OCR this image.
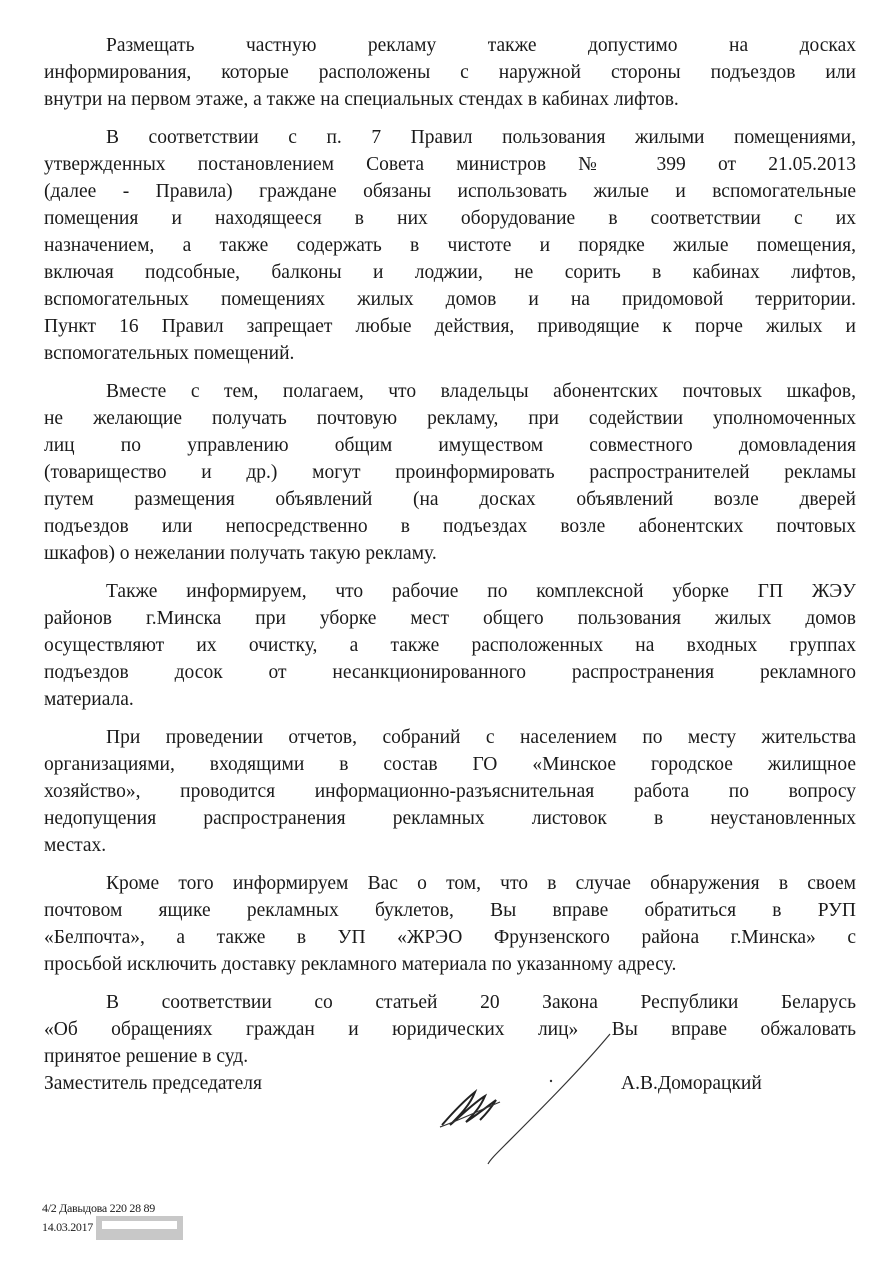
Размещать частную рекламу также допустимо на досках
информирования, которые расположены с наружной стороны подъездов или
внутри на первом этаже, а также на специальных стендах в кабинах лифтов.
В соответствии с п. 7 Правил пользования жилыми помещениями,
утвержденных постановлением Совета министров № 399 от 21.05.2013
(далее - Правила) граждане обязаны использовать жилые и вспомогательные
помещения и находящееся в них оборудование в соответствии с их
назначением, а также содержать в чистоте и порядке жилые помещения,
включая подсобные, балконы и лоджии, не сорить в кабинах лифтов,
вспомогательных помещениях жилых домов и на придомовой территории.
Пункт 16 Правил запрещает любые действия, приводящие к порче жилых и
вспомогательных помещений.
Вместе с тем, полагаем, что владельцы абонентских почтовых шкафов,
не желающие получать почтовую рекламу, при содействии уполномоченных
лиц по управлению общим имуществом совместного домовладения
(товарищество и др.) могут проинформировать распространителей рекламы
путем размещения объявлений (на досках объявлений возле дверей
подъездов или непосредственно в подъездах возле абонентских почтовых
шкафов) о нежелании получать такую рекламу.
Также информируем, что рабочие по комплексной уборке ГП ЖЭУ
районов г.Минска при уборке мест общего пользования жилых домов
осуществляют их очистку, а также расположенных на входных группах
подъездов досок от несанкционированного распространения рекламного
материала.
При проведении отчетов, собраний с населением по месту жительства
организациями, входящими в состав ГО «Минское городское жилищное
хозяйство», проводится информационно-разъяснительная работа по вопросу
недопущения распространения рекламных листовок в неустановленных
местах.
Кроме того информируем Вас о том, что в случае обнаружения в своем
почтовом ящике рекламных буклетов, Вы вправе обратиться в РУП
«Белпочта», а также в УП «ЖРЭО Фрунзенского района г.Минска» с
просьбой исключить доставку рекламного материала по указанному адресу.
В соответствии со статьей 20 Закона Республики Беларусь
«Об обращениях граждан и юридических лиц» Вы вправе обжаловать
принятое решение в суд.
Заместитель председателя	А.В.Доморацкий
4/2 Давыдова 220 28 89
14.03.2017
